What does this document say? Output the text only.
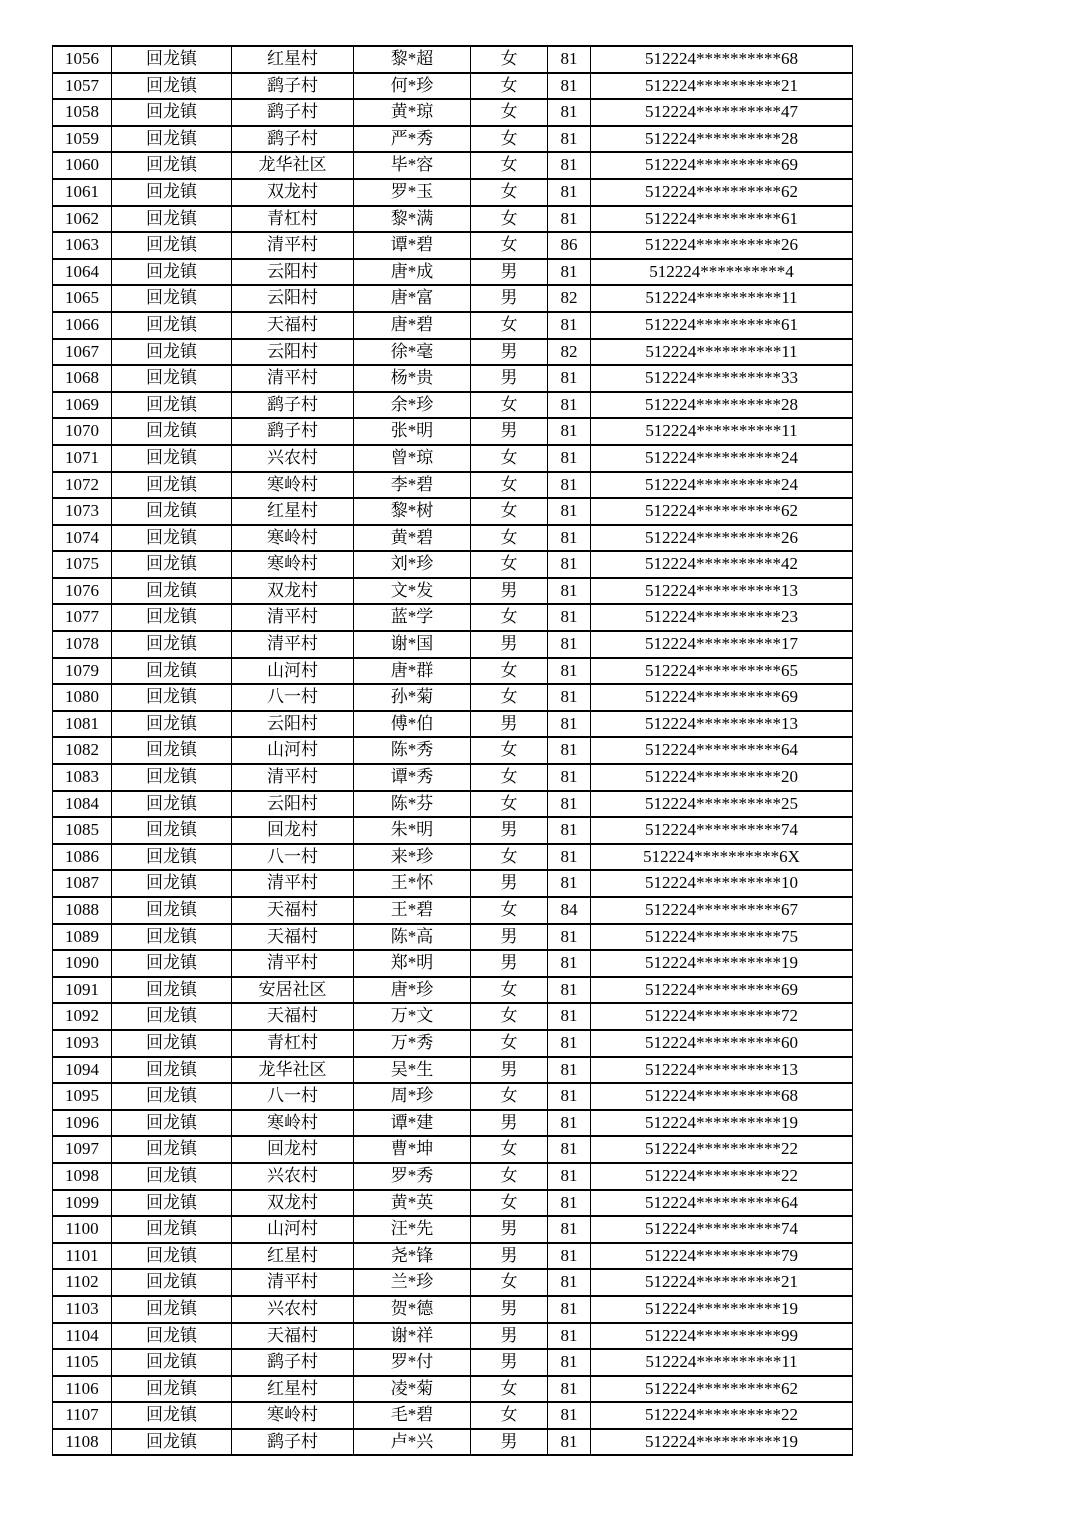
1056	回龙镇	红星村	黎*超	女	81	512224**********68
1057	回龙镇	鹞子村	何*珍	女	81	512224**********21
1058	回龙镇	鹞子村	黄*琼	女	81	512224**********47
1059	回龙镇	鹞子村	严*秀	女	81	512224**********28
1060	回龙镇	龙华社区	毕*容	女	81	512224**********69
1061	回龙镇	双龙村	罗*玉	女	81	512224**********62
1062	回龙镇	青杠村	黎*满	女	81	512224**********61
1063	回龙镇	清平村	谭*碧	女	86	512224**********26
1064	回龙镇	云阳村	唐*成	男	81	512224**********4
1065	回龙镇	云阳村	唐*富	男	82	512224**********11
1066	回龙镇	天福村	唐*碧	女	81	512224**********61
1067	回龙镇	云阳村	徐*毫	男	82	512224**********11
1068	回龙镇	清平村	杨*贵	男	81	512224**********33
1069	回龙镇	鹞子村	余*珍	女	81	512224**********28
1070	回龙镇	鹞子村	张*明	男	81	512224**********11
1071	回龙镇	兴农村	曾*琼	女	81	512224**********24
1072	回龙镇	寒岭村	李*碧	女	81	512224**********24
1073	回龙镇	红星村	黎*树	女	81	512224**********62
1074	回龙镇	寒岭村	黄*碧	女	81	512224**********26
1075	回龙镇	寒岭村	刘*珍	女	81	512224**********42
1076	回龙镇	双龙村	文*发	男	81	512224**********13
1077	回龙镇	清平村	蓝*学	女	81	512224**********23
1078	回龙镇	清平村	谢*国	男	81	512224**********17
1079	回龙镇	山河村	唐*群	女	81	512224**********65
1080	回龙镇	八一村	孙*菊	女	81	512224**********69
1081	回龙镇	云阳村	傅*伯	男	81	512224**********13
1082	回龙镇	山河村	陈*秀	女	81	512224**********64
1083	回龙镇	清平村	谭*秀	女	81	512224**********20
1084	回龙镇	云阳村	陈*芬	女	81	512224**********25
1085	回龙镇	回龙村	朱*明	男	81	512224**********74
1086	回龙镇	八一村	来*珍	女	81	512224**********6X
1087	回龙镇	清平村	王*怀	男	81	512224**********10
1088	回龙镇	天福村	王*碧	女	84	512224**********67
1089	回龙镇	天福村	陈*高	男	81	512224**********75
1090	回龙镇	清平村	郑*明	男	81	512224**********19
1091	回龙镇	安居社区	唐*珍	女	81	512224**********69
1092	回龙镇	天福村	万*文	女	81	512224**********72
1093	回龙镇	青杠村	万*秀	女	81	512224**********60
1094	回龙镇	龙华社区	吴*生	男	81	512224**********13
1095	回龙镇	八一村	周*珍	女	81	512224**********68
1096	回龙镇	寒岭村	谭*建	男	81	512224**********19
1097	回龙镇	回龙村	曹*坤	女	81	512224**********22
1098	回龙镇	兴农村	罗*秀	女	81	512224**********22
1099	回龙镇	双龙村	黄*英	女	81	512224**********64
1100	回龙镇	山河村	汪*先	男	81	512224**********74
1101	回龙镇	红星村	尧*锋	男	81	512224**********79
1102	回龙镇	清平村	兰*珍	女	81	512224**********21
1103	回龙镇	兴农村	贺*德	男	81	512224**********19
1104	回龙镇	天福村	谢*祥	男	81	512224**********99
1105	回龙镇	鹞子村	罗*付	男	81	512224**********11
1106	回龙镇	红星村	凌*菊	女	81	512224**********62
1107	回龙镇	寒岭村	毛*碧	女	81	512224**********22
1108	回龙镇	鹞子村	卢*兴	男	81	512224**********19
